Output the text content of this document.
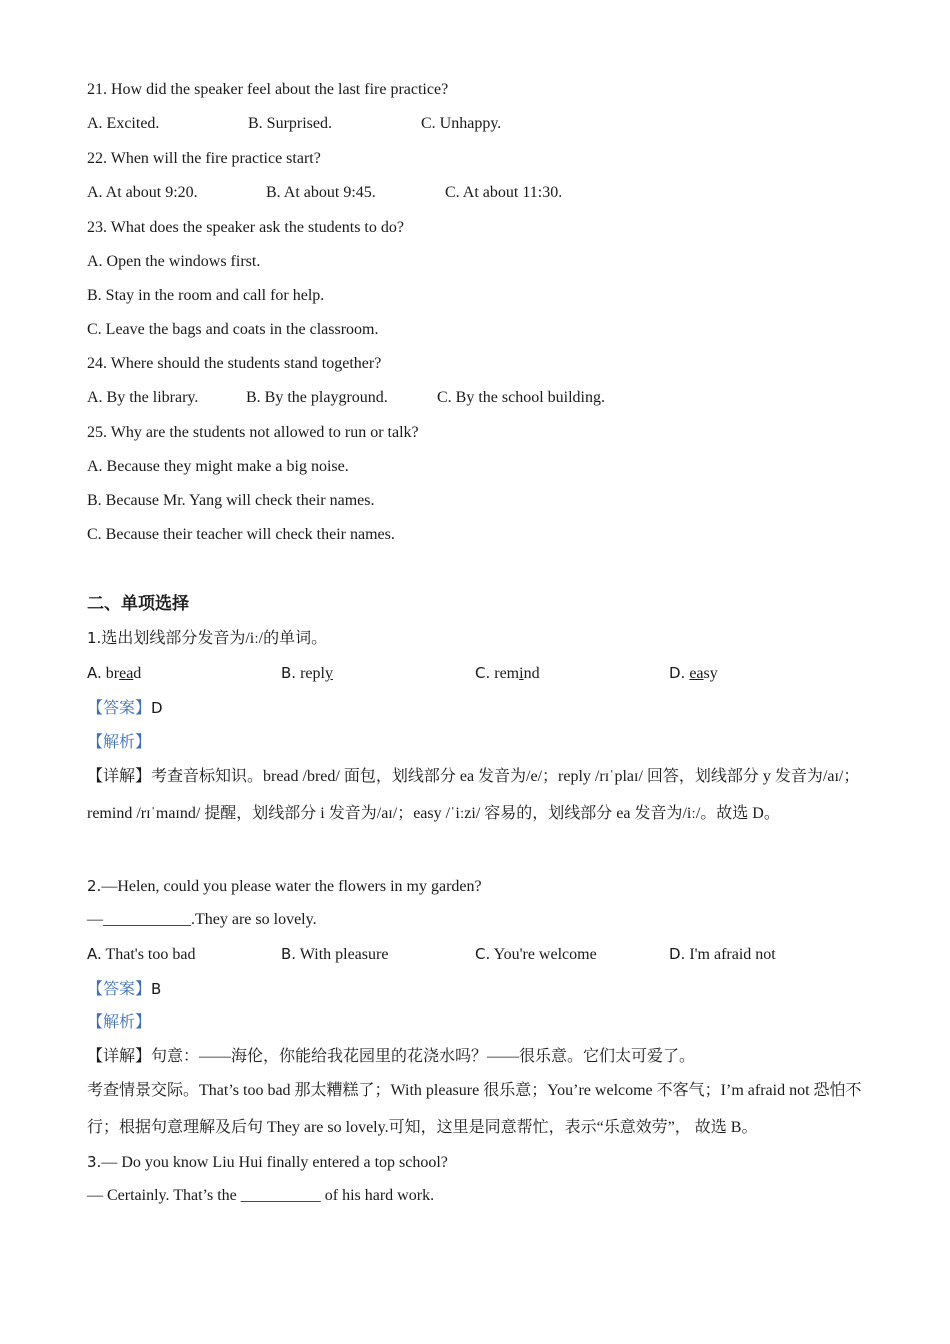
21. How did the speaker feel about the last fire practice?
A. Excited.	B. Surprised.	C. Unhappy.
22. When will the fire practice start?
A. At about 9:20.	B. At about 9:45.	C. At about 11:30.
23. What does the speaker ask the students to do?
A. Open the windows first.
B. Stay in the room and call for help.
C. Leave the bags and coats in the classroom.
24. Where should the students stand together?
A. By the library.	B. By the playground.	C. By the school building.
25. Why are the students not allowed to run or talk?
A. Because they might make a big noise.
B. Because Mr. Yang will check their names.
C. Because their teacher will check their names.
二、单项选择
1.选出划线部分发音为/iː/的单词。
A. bread	B. reply	C. remind	D. easy
【答案】D
【解析】
【详解】考查音标知识。bread /bred/ 面包，划线部分 ea 发音为/e/；reply /rɪˈplaɪ/ 回答，划线部分 y 发音为/aɪ/；remind /rɪˈmaɪnd/ 提醒，划线部分 i 发音为/aɪ/；easy /ˈiːzi/ 容易的，划线部分 ea 发音为/iː/。故选 D。
2.—Helen, could you please water the flowers in my garden?
—___________.They are so lovely.
A. That's too bad	B. With pleasure	C. You're welcome	D. I'm afraid not
【答案】B
【解析】
【详解】句意：——海伦，你能给我花园里的花浇水吗？——很乐意。它们太可爱了。
考查情景交际。That’s too bad 那太糟糕了；With pleasure 很乐意；You’re welcome 不客气；I’m afraid not 恐怕不行；根据句意理解及后句 They are so lovely.可知，这里是同意帮忙，表示“乐意效劳”， 故选 B。
3.— Do you know Liu Hui finally entered a top school?
— Certainly. That’s the __________ of his hard work.
